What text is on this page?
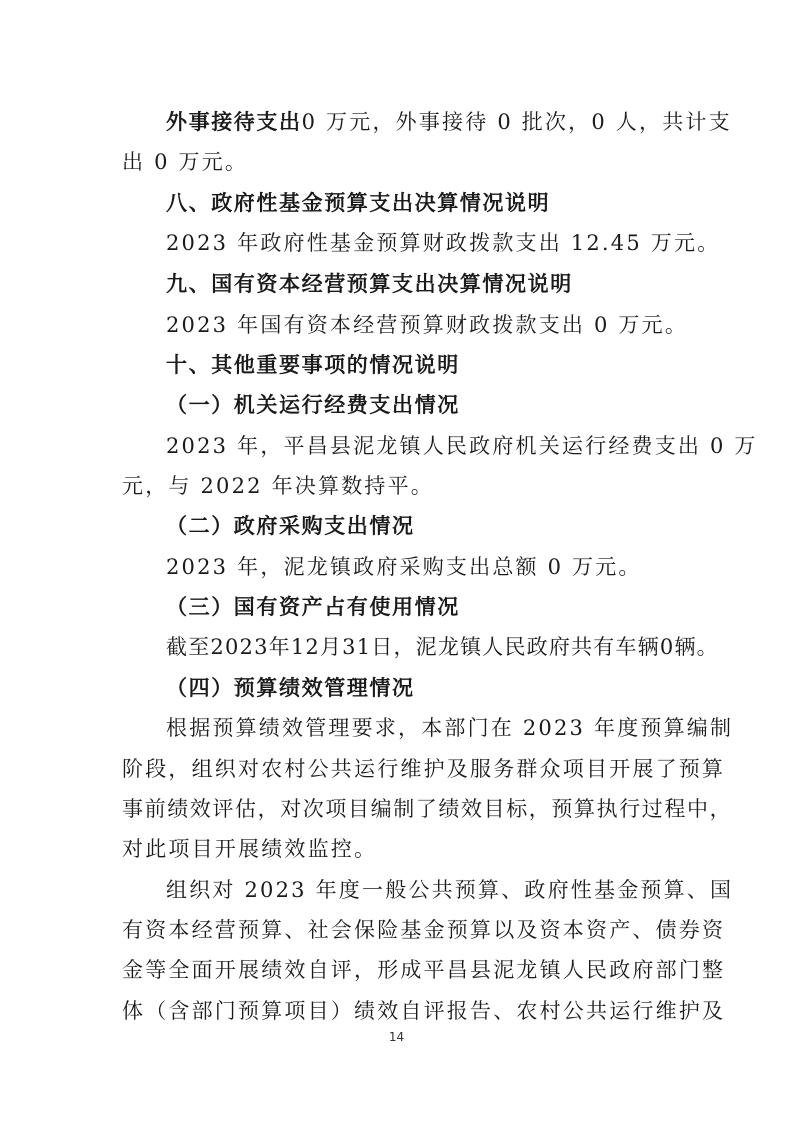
外事接待支出0 万元，外事接待 0 批次，0 人，共计支
出 0 万元。
八、政府性基金预算支出决算情况说明
2023 年政府性基金预算财政拨款支出 12.45 万元。
九、国有资本经营预算支出决算情况说明
2023 年国有资本经营预算财政拨款支出 0 万元。
十、其他重要事项的情况说明
（一）机关运行经费支出情况
2023 年，平昌县泥龙镇人民政府机关运行经费支出 0 万
元，与 2022 年决算数持平。
（二）政府采购支出情况
2023 年，泥龙镇政府采购支出总额 0 万元。
（三）国有资产占有使用情况
截至2023年12月31日，泥龙镇人民政府共有车辆0辆。
（四）预算绩效管理情况
根据预算绩效管理要求，本部门在 2023 年度预算编制
阶段，组织对农村公共运行维护及服务群众项目开展了预算
事前绩效评估，对次项目编制了绩效目标，预算执行过程中，
对此项目开展绩效监控。
组织对 2023 年度一般公共预算、政府性基金预算、国
有资本经营预算、社会保险基金预算以及资本资产、债券资
金等全面开展绩效自评，形成平昌县泥龙镇人民政府部门整
体（含部门预算项目）绩效自评报告、农村公共运行维护及
14
